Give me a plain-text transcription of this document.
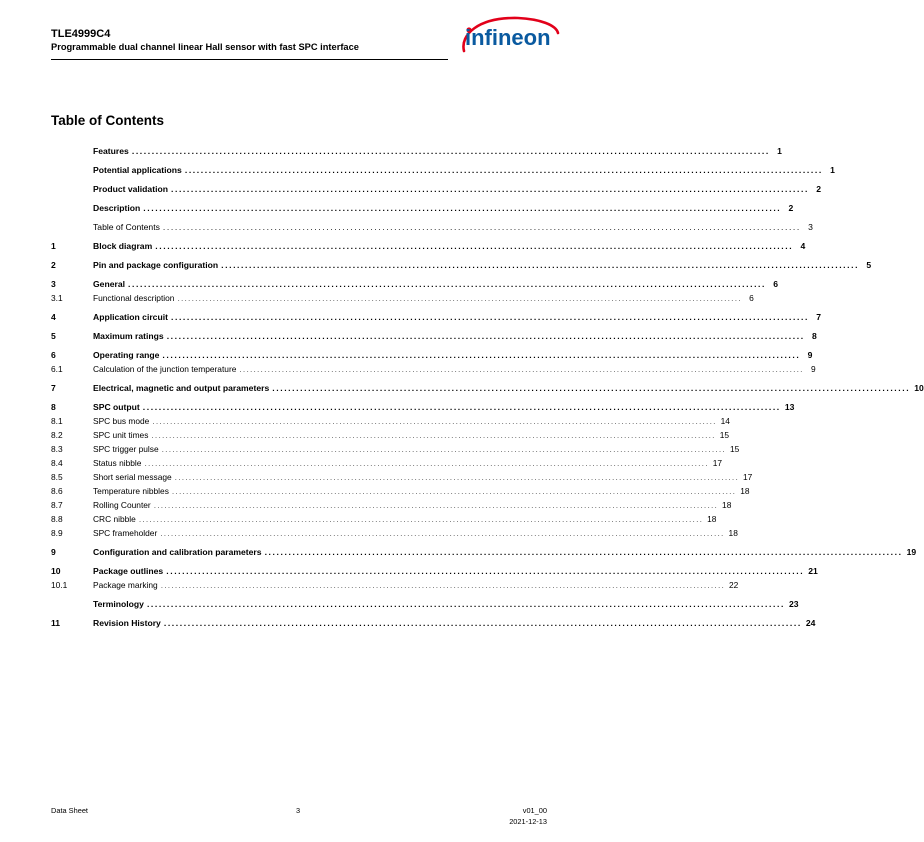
TLE4999C4
Programmable dual channel linear Hall sensor with fast SPC interface	infineon
Table of Contents
Features ................................................................................................................................................................ 1
Potential applications ................................................................................................................................................................ 1
Product validation ................................................................................................................................................................ 2
Description ................................................................................................................................................................ 2
Table of Contents ................................................................................................................................................................ 3
1	Block diagram ................................................................................................................................................................ 4
2	Pin and package configuration ................................................................................................................................................................ 5
3	General ................................................................................................................................................................ 6
3.1	Functional description ................................................................................................................................................................ 6
4	Application circuit ................................................................................................................................................................ 7
5	Maximum ratings ................................................................................................................................................................ 8
6	Operating range ................................................................................................................................................................ 9
6.1	Calculation of the junction temperature ................................................................................................................................................................ 9
7	Electrical, magnetic and output parameters ................................................................................................................................................................ 10
8	SPC output ................................................................................................................................................................ 13
8.1	SPC bus mode ................................................................................................................................................................ 14
8.2	SPC unit times ................................................................................................................................................................ 15
8.3	SPC trigger pulse ................................................................................................................................................................ 15
8.4	Status nibble ................................................................................................................................................................ 17
8.5	Short serial message ................................................................................................................................................................ 17
8.6	Temperature nibbles ................................................................................................................................................................ 18
8.7	Rolling Counter ................................................................................................................................................................ 18
8.8	CRC nibble ................................................................................................................................................................ 18
8.9	SPC frameholder ................................................................................................................................................................ 18
9	Configuration and calibration parameters ................................................................................................................................................................ 19
10	Package outlines ................................................................................................................................................................ 21
10.1	Package marking ................................................................................................................................................................ 22
Terminology ................................................................................................................................................................ 23
11	Revision History ................................................................................................................................................................ 24
Data Sheet	3	v01_00
2021-12-13
